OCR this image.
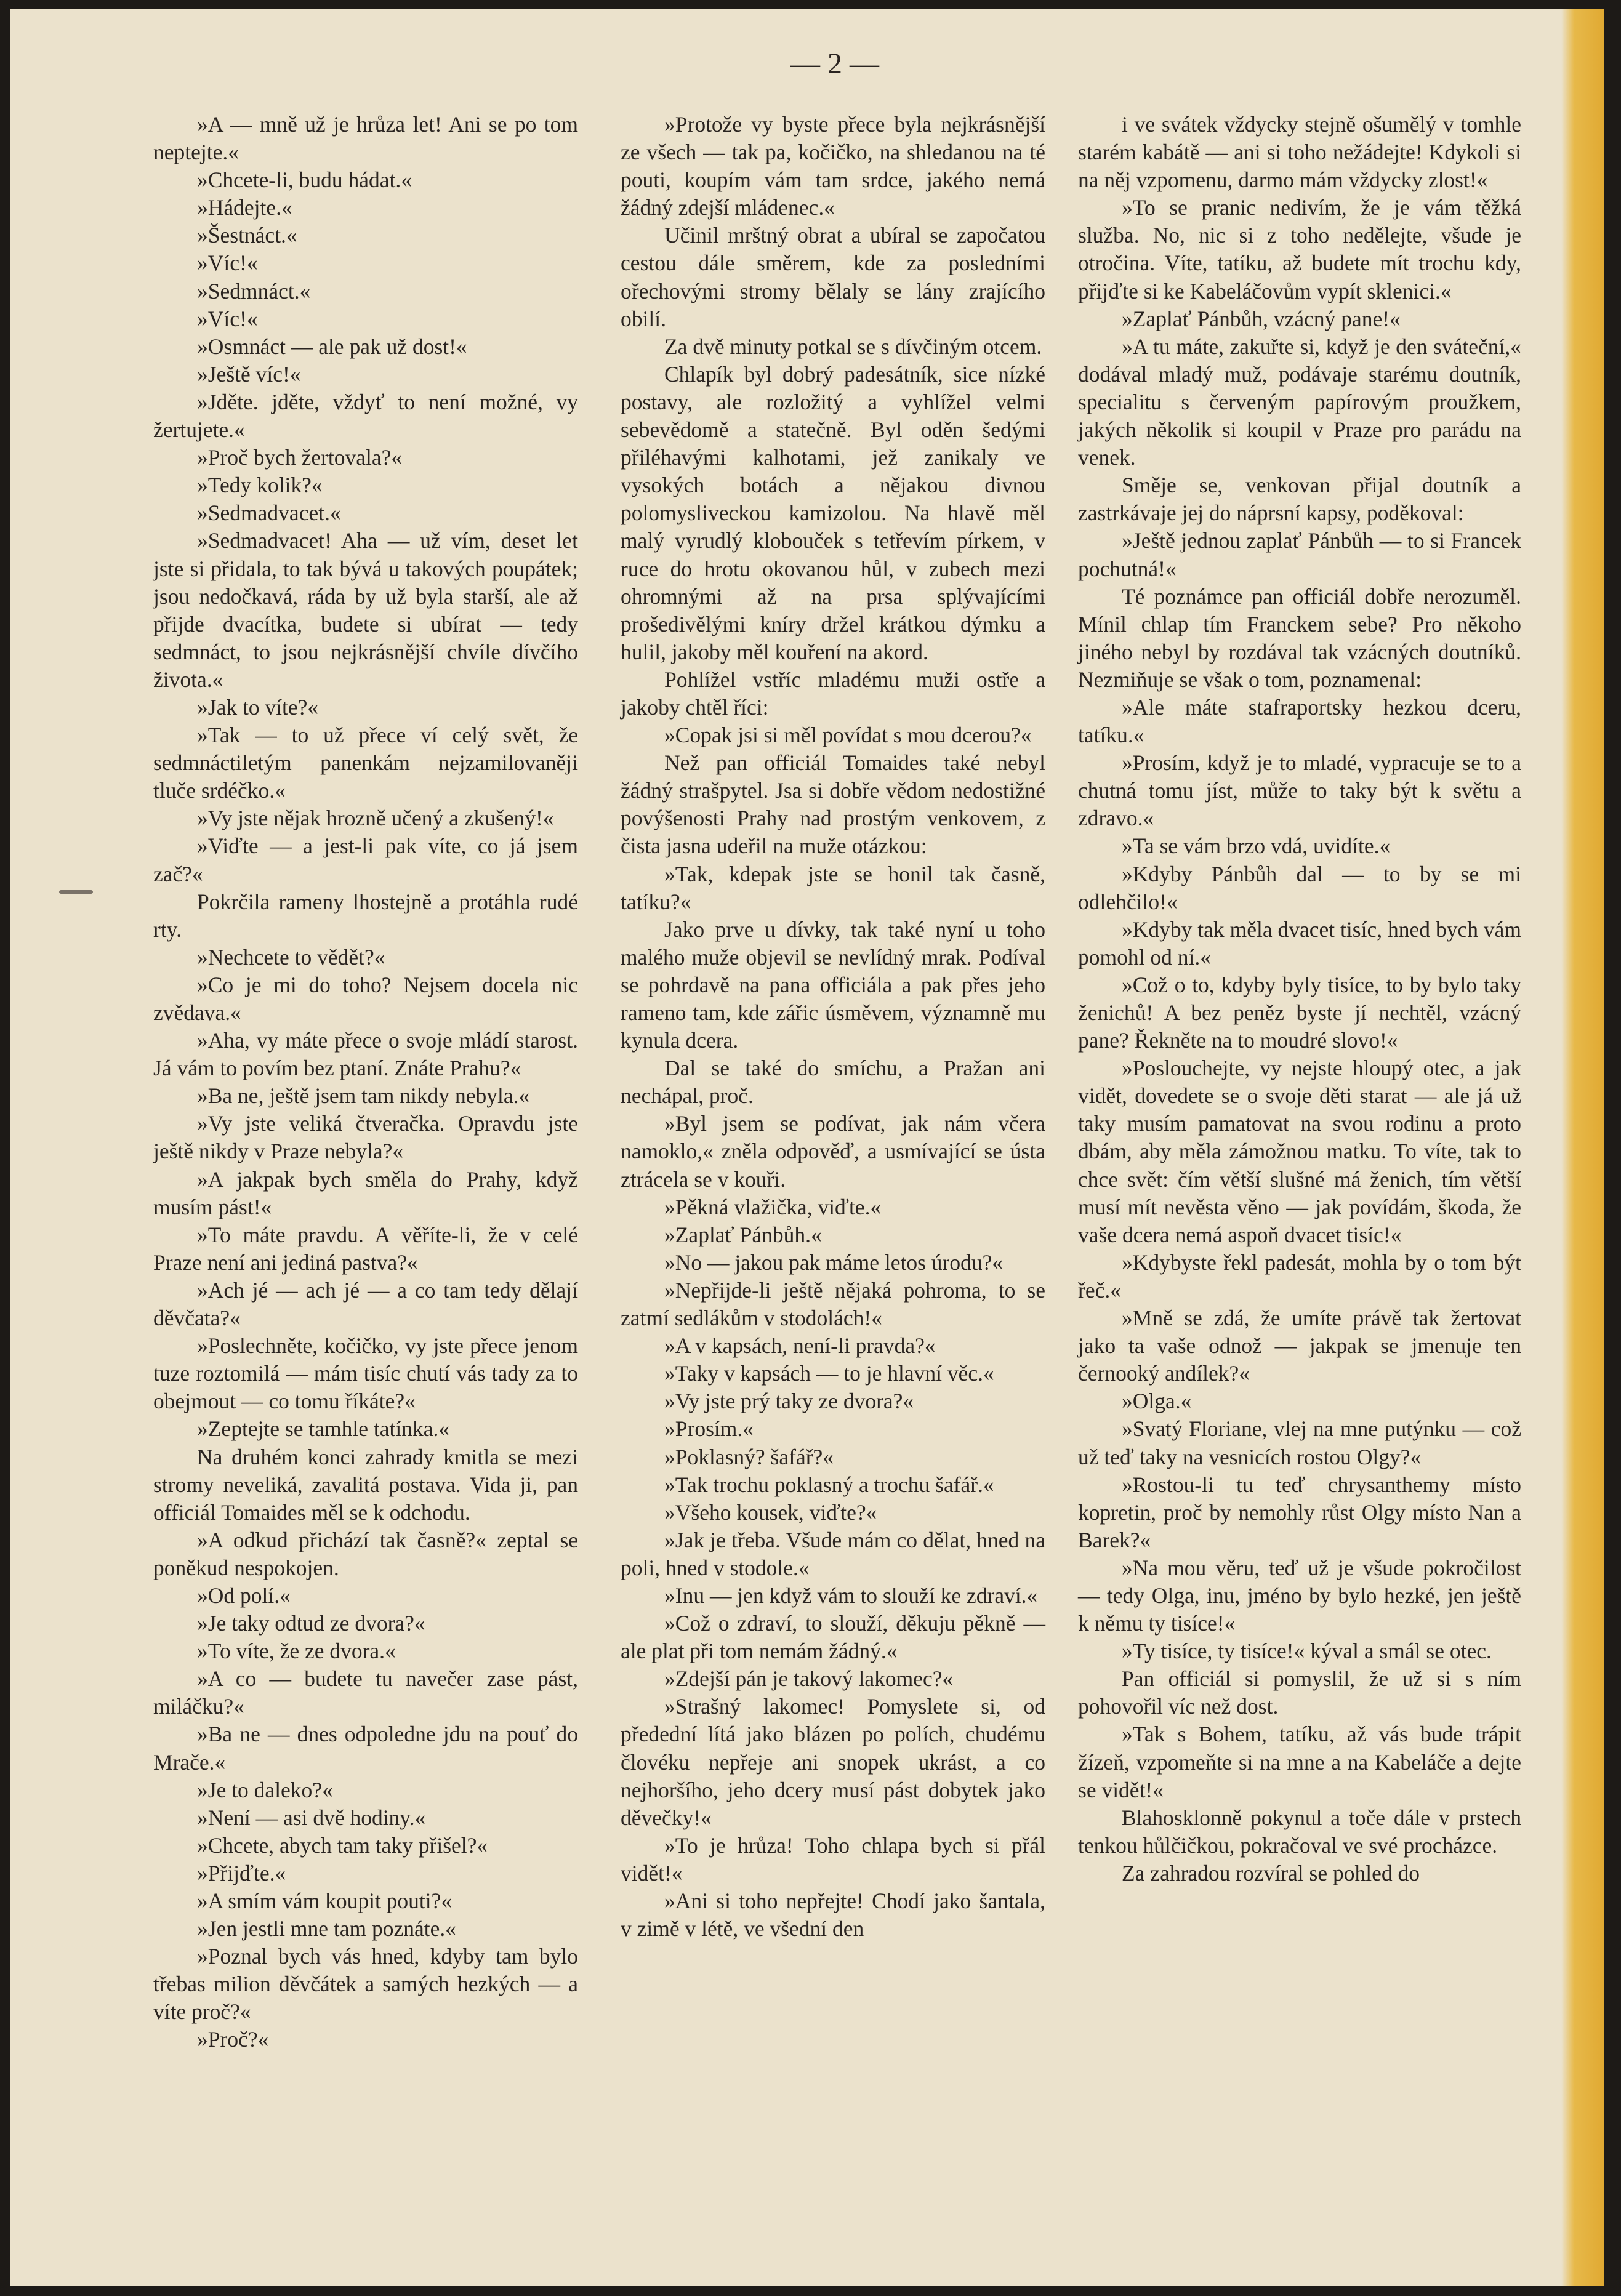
— 2 —

»A — mně už je hrůza let! Ani se po tom neptejte.«

»Chcete-li, budu hádat.«

»Hádejte.«

»Šestnáct.«

»Víc!«

»Sedmnáct.«

»Víc!«

»Osmnáct — ale pak už dost!«

»Ještě víc!«

»Jděte. jděte, vždyť to není možné, vy žertujete.«

»Proč bych žertovala?«

»Tedy kolik?«

»Sedmadvacet.«

»Sedmadvacet! Aha — už vím, deset let jste si přidala, to tak bývá u takových poupátek; jsou nedočkavá, ráda by už byla starší, ale až přijde dvacítka, budete si ubírat — tedy sedmnáct, to jsou nejkrásnější chvíle dívčího života.«

»Jak to víte?«

»Tak — to už přece ví celý svět, že sedmnáctiletým panenkám nejzamilovaněji tluče srdéčko.«

»Vy jste nějak hrozně učený a zkušený!«

»Viďte — a jest-li pak víte, co já jsem zač?«

Pokrčila rameny lhostejně a protáhla rudé rty.

»Nechcete to vědět?«

»Co je mi do toho? Nejsem docela nic zvědava.«

»Aha, vy máte přece o svoje mládí starost. Já vám to povím bez ptaní. Znáte Prahu?«

»Ba ne, ještě jsem tam nikdy nebyla.«

»Vy jste veliká čtveračka. Opravdu jste ještě nikdy v Praze nebyla?«

»A jakpak bych směla do Prahy, když musím pást!«

»To máte pravdu. A věříte-li, že v celé Praze není ani jediná pastva?«

»Ach jé — ach jé — a co tam tedy dělají děvčata?«

»Poslechněte, kočičko, vy jste přece jenom tuze roztomilá — mám tisíc chutí vás tady za to obejmout — co tomu říkáte?«

»Zeptejte se tamhle tatínka.«

Na druhém konci zahrady kmitla se mezi stromy neveliká, zavalitá postava. Vida ji, pan officiál Tomaides měl se k odchodu.

»A odkud přichází tak časně?« zeptal se poněkud nespokojen.

»Od polí.«

»Je taky odtud ze dvora?«

»To víte, že ze dvora.«

»A co — budete tu navečer zase pást, miláčku?«

»Ba ne — dnes odpoledne jdu na pouť do Mrače.«

»Je to daleko?«

»Není — asi dvě hodiny.«

»Chcete, abych tam taky přišel?«

»Přijďte.«

»A smím vám koupit pouti?«

»Jen jestli mne tam poznáte.«

»Poznal bych vás hned, kdyby tam bylo třebas milion děvčátek a samých hezkých — a víte proč?«

»Proč?«

»Protože vy byste přece byla nejkrásnější ze všech — tak pa, kočičko, na shledanou na té pouti, koupím vám tam srdce, jakého nemá žádný zdejší mládenec.«

Učinil mrštný obrat a ubíral se započatou cestou dále směrem, kde za posledními ořechovými stromy bělaly se lány zrajícího obilí.

Za dvě minuty potkal se s dívčiným otcem.

Chlapík byl dobrý padesátník, sice nízké postavy, ale rozložitý a vyhlížel velmi sebevědomě a statečně. Byl oděn šedými přiléhavými kalhotami, jež zanikaly ve vysokých botách a nějakou divnou polomysliveckou kamizolou. Na hlavě měl malý vyrudlý klobouček s tetřevím pírkem, v ruce do hrotu okovanou hůl, v zubech mezi ohromnými až na prsa splývajícími prošedivělými kníry držel krátkou dýmku a hulil, jakoby měl kouření na akord.

Pohlížel vstříc mladému muži ostře a jakoby chtěl říci:

»Copak jsi si měl povídat s mou dcerou?«

Než pan officiál Tomaides také nebyl žádný strašpytel. Jsa si dobře vědom nedostižné povýšenosti Prahy nad prostým venkovem, z čista jasna udeřil na muže otázkou:

»Tak, kdepak jste se honil tak časně, tatíku?«

Jako prve u dívky, tak také nyní u toho malého muže objevil se nevlídný mrak. Podíval se pohrdavě na pana officiála a pak přes jeho rameno tam, kde zářic úsměvem, významně mu kynula dcera.

Dal se také do smíchu, a Pražan ani nechápal, proč.

»Byl jsem se podívat, jak nám včera namoklo,« zněla odpověď, a usmívající se ústa ztrácela se v kouři.

»Pěkná vlažička, viďte.«

»Zaplať Pánbůh.«

»No — jakou pak máme letos úrodu?«

»Nepřijde-li ještě nějaká pohroma, to se zatmí sedlákům v stodolách!«

»A v kapsách, není-li pravda?«

»Taky v kapsách — to je hlavní věc.«

»Vy jste prý taky ze dvora?«

»Prosím.«

»Poklasný? šafář?«

»Tak trochu poklasný a trochu šafář.«

»Všeho kousek, viďte?«

»Jak je třeba. Všude mám co dělat, hned na poli, hned v stodole.«

»Inu — jen když vám to slouží ke zdraví.«

»Což o zdraví, to slouží, děkuju pěkně — ale plat při tom nemám žádný.«

»Zdejší pán je takový lakomec?«

»Strašný lakomec! Pomyslete si, od předední lítá jako blázen po polích, chudému človéku nepřeje ani snopek ukrást, a co nejhoršího, jeho dcery musí pást dobytek jako děvečky!«

»To je hrůza! Toho chlapa bych si přál vidět!«

»Ani si toho nepřejte! Chodí jako šantala, v zimě v létě, ve všední den

i ve svátek vždycky stejně ošumělý v tomhle starém kabátě — ani si toho nežádejte! Kdykoli si na něj vzpomenu, darmo mám vždycky zlost!«

»To se pranic nedivím, že je vám těžká služba. No, nic si z toho nedělejte, všude je otročina. Víte, tatíku, až budete mít trochu kdy, přijďte si ke Kabeláčovům vypít sklenici.«

»Zaplať Pánbůh, vzácný pane!«

»A tu máte, zakuřte si, když je den sváteční,« dodával mladý muž, podávaje starému doutník, specialitu s červeným papírovým proužkem, jakých několik si koupil v Praze pro parádu na venek.

Směje se, venkovan přijal doutník a zastrkávaje jej do náprsní kapsy, poděkoval:

»Ještě jednou zaplať Pánbůh — to si Francek pochutná!«

Té poznámce pan officiál dobře nerozuměl. Mínil chlap tím Franckem sebe? Pro někoho jiného nebyl by rozdával tak vzácných doutníků. Nezmiňuje se však o tom, poznamenal:

»Ale máte stafraportsky hezkou dceru, tatíku.«

»Prosím, když je to mladé, vypracuje se to a chutná tomu jíst, může to taky být k světu a zdravo.«

»Ta se vám brzo vdá, uvidíte.«

»Kdyby Pánbůh dal — to by se mi odlehčilo!«

»Kdyby tak měla dvacet tisíc, hned bych vám pomohl od ní.«

»Což o to, kdyby byly tisíce, to by bylo taky ženichů! A bez peněz byste jí nechtěl, vzácný pane? Řekněte na to moudré slovo!«

»Poslouchejte, vy nejste hloupý otec, a jak vidět, dovedete se o svoje děti starat — ale já už taky musím pamatovat na svou rodinu a proto dbám, aby měla zámožnou matku. To víte, tak to chce svět: čím větší slušné má ženich, tím větší musí mít nevěsta věno — jak povídám, škoda, že vaše dcera nemá aspoň dvacet tisíc!«

»Kdybyste řekl padesát, mohla by o tom být řeč.«

»Mně se zdá, že umíte právě tak žertovat jako ta vaše odnož — jakpak se jmenuje ten černooký andílek?«

»Olga.«

»Svatý Floriane, vlej na mne putýnku — což už teď taky na vesnicích rostou Olgy?«

»Rostou-li tu teď chrysanthemy místo kopretin, proč by nemohly růst Olgy místo Nan a Barek?«

»Na mou věru, teď už je všude pokročilost — tedy Olga, inu, jméno by bylo hezké, jen ještě k němu ty tisíce!«

»Ty tisíce, ty tisíce!« kýval a smál se otec.

Pan officiál si pomyslil, že už si s ním pohovořil víc než dost.

»Tak s Bohem, tatíku, až vás bude trápit žízeň, vzpomeňte si na mne a na Kabeláče a dejte se vidět!«

Blahosklonně pokynul a toče dále v prstech tenkou hůlčičkou, pokračoval ve své procházce.

Za zahradou rozvíral se pohled do
